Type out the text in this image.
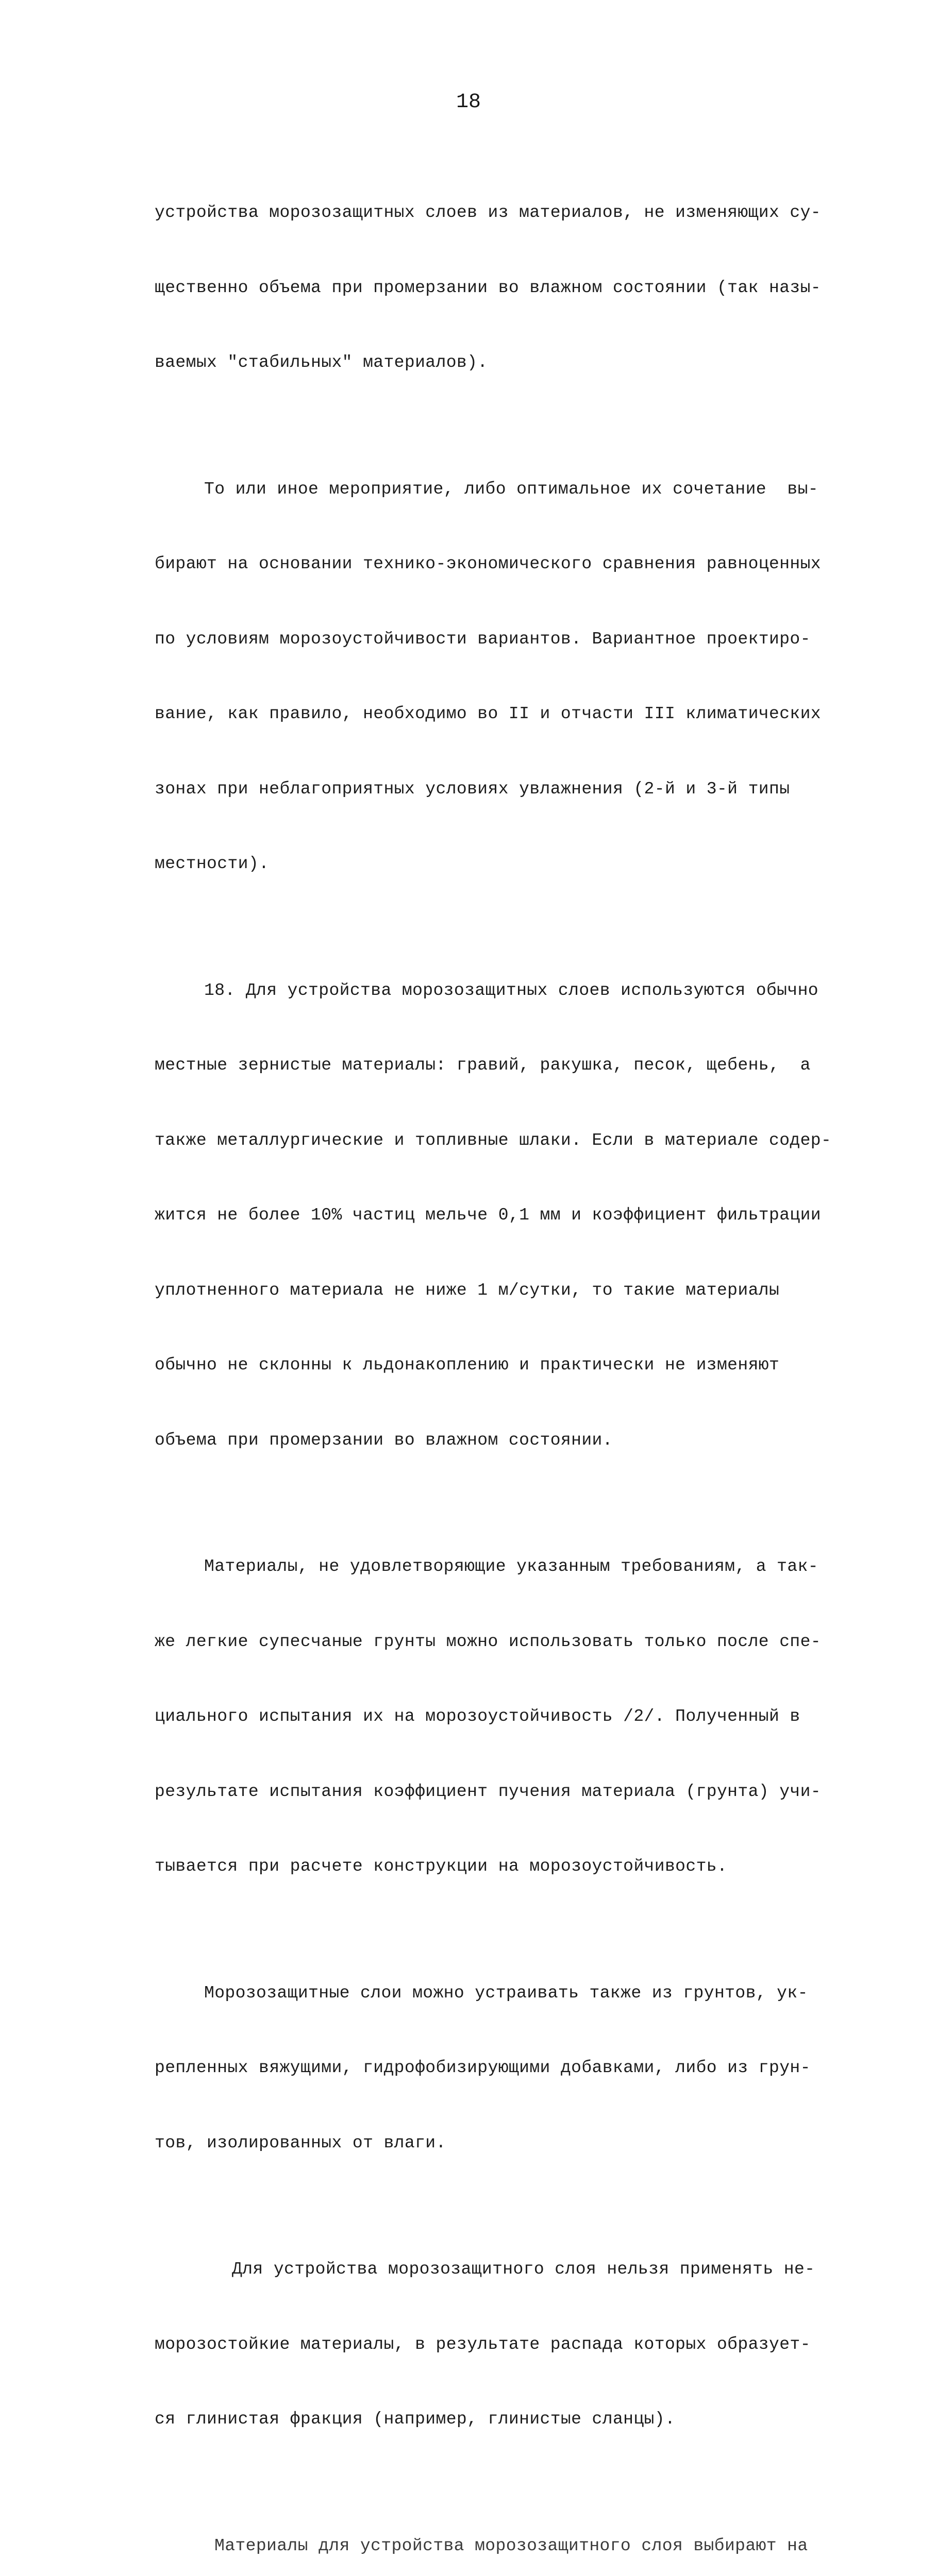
18

устройства морозозащитных слоев из материалов, не изменяющих су-

щественно объема при промерзании во влажном состоянии (так назы-

ваемых "стабильных" материалов).

То или иное мероприятие, либо оптимальное их сочетание  вы-

бирают на основании технико-экономического сравнения равноценных

по условиям морозоустойчивости вариантов. Вариантное проектиро-

вание, как правило, необходимо во II и отчасти III климатических

зонах при неблагоприятных условиях увлажнения (2-й и 3-й типы

местности).

18. Для устройства морозозащитных слоев используются обычно

местные зернистые материалы: гравий, ракушка, песок, щебень,  а

также металлургические и топливные шлаки. Если в материале содер-

жится не более 10% частиц мельче 0,1 мм и коэффициент фильтрации

уплотненного материала не ниже 1 м/сутки, то такие материалы

обычно не склонны к льдонакоплению и практически не изменяют

объема при промерзании во влажном состоянии.

Материалы, не удовлетворяющие указанным требованиям, а так-

же легкие супесчаные грунты можно использовать только после спе-

циального испытания их на морозоустойчивость /2/. Полученный в

результате испытания коэффициент пучения материала (грунта) учи-

тывается при расчете конструкции на морозоустойчивость.

Морозозащитные слои можно устраивать также из грунтов, ук-

репленных вяжущими, гидрофобизирующими добавками, либо из грун-

тов, изолированных от влаги.

Для устройства морозозащитного слоя нельзя применять не-

морозостойкие материалы, в результате распада которых образует-

ся глинистая фракция (например, глинистые сланцы).

Материалы для устройства морозозащитного слоя выбирают на
